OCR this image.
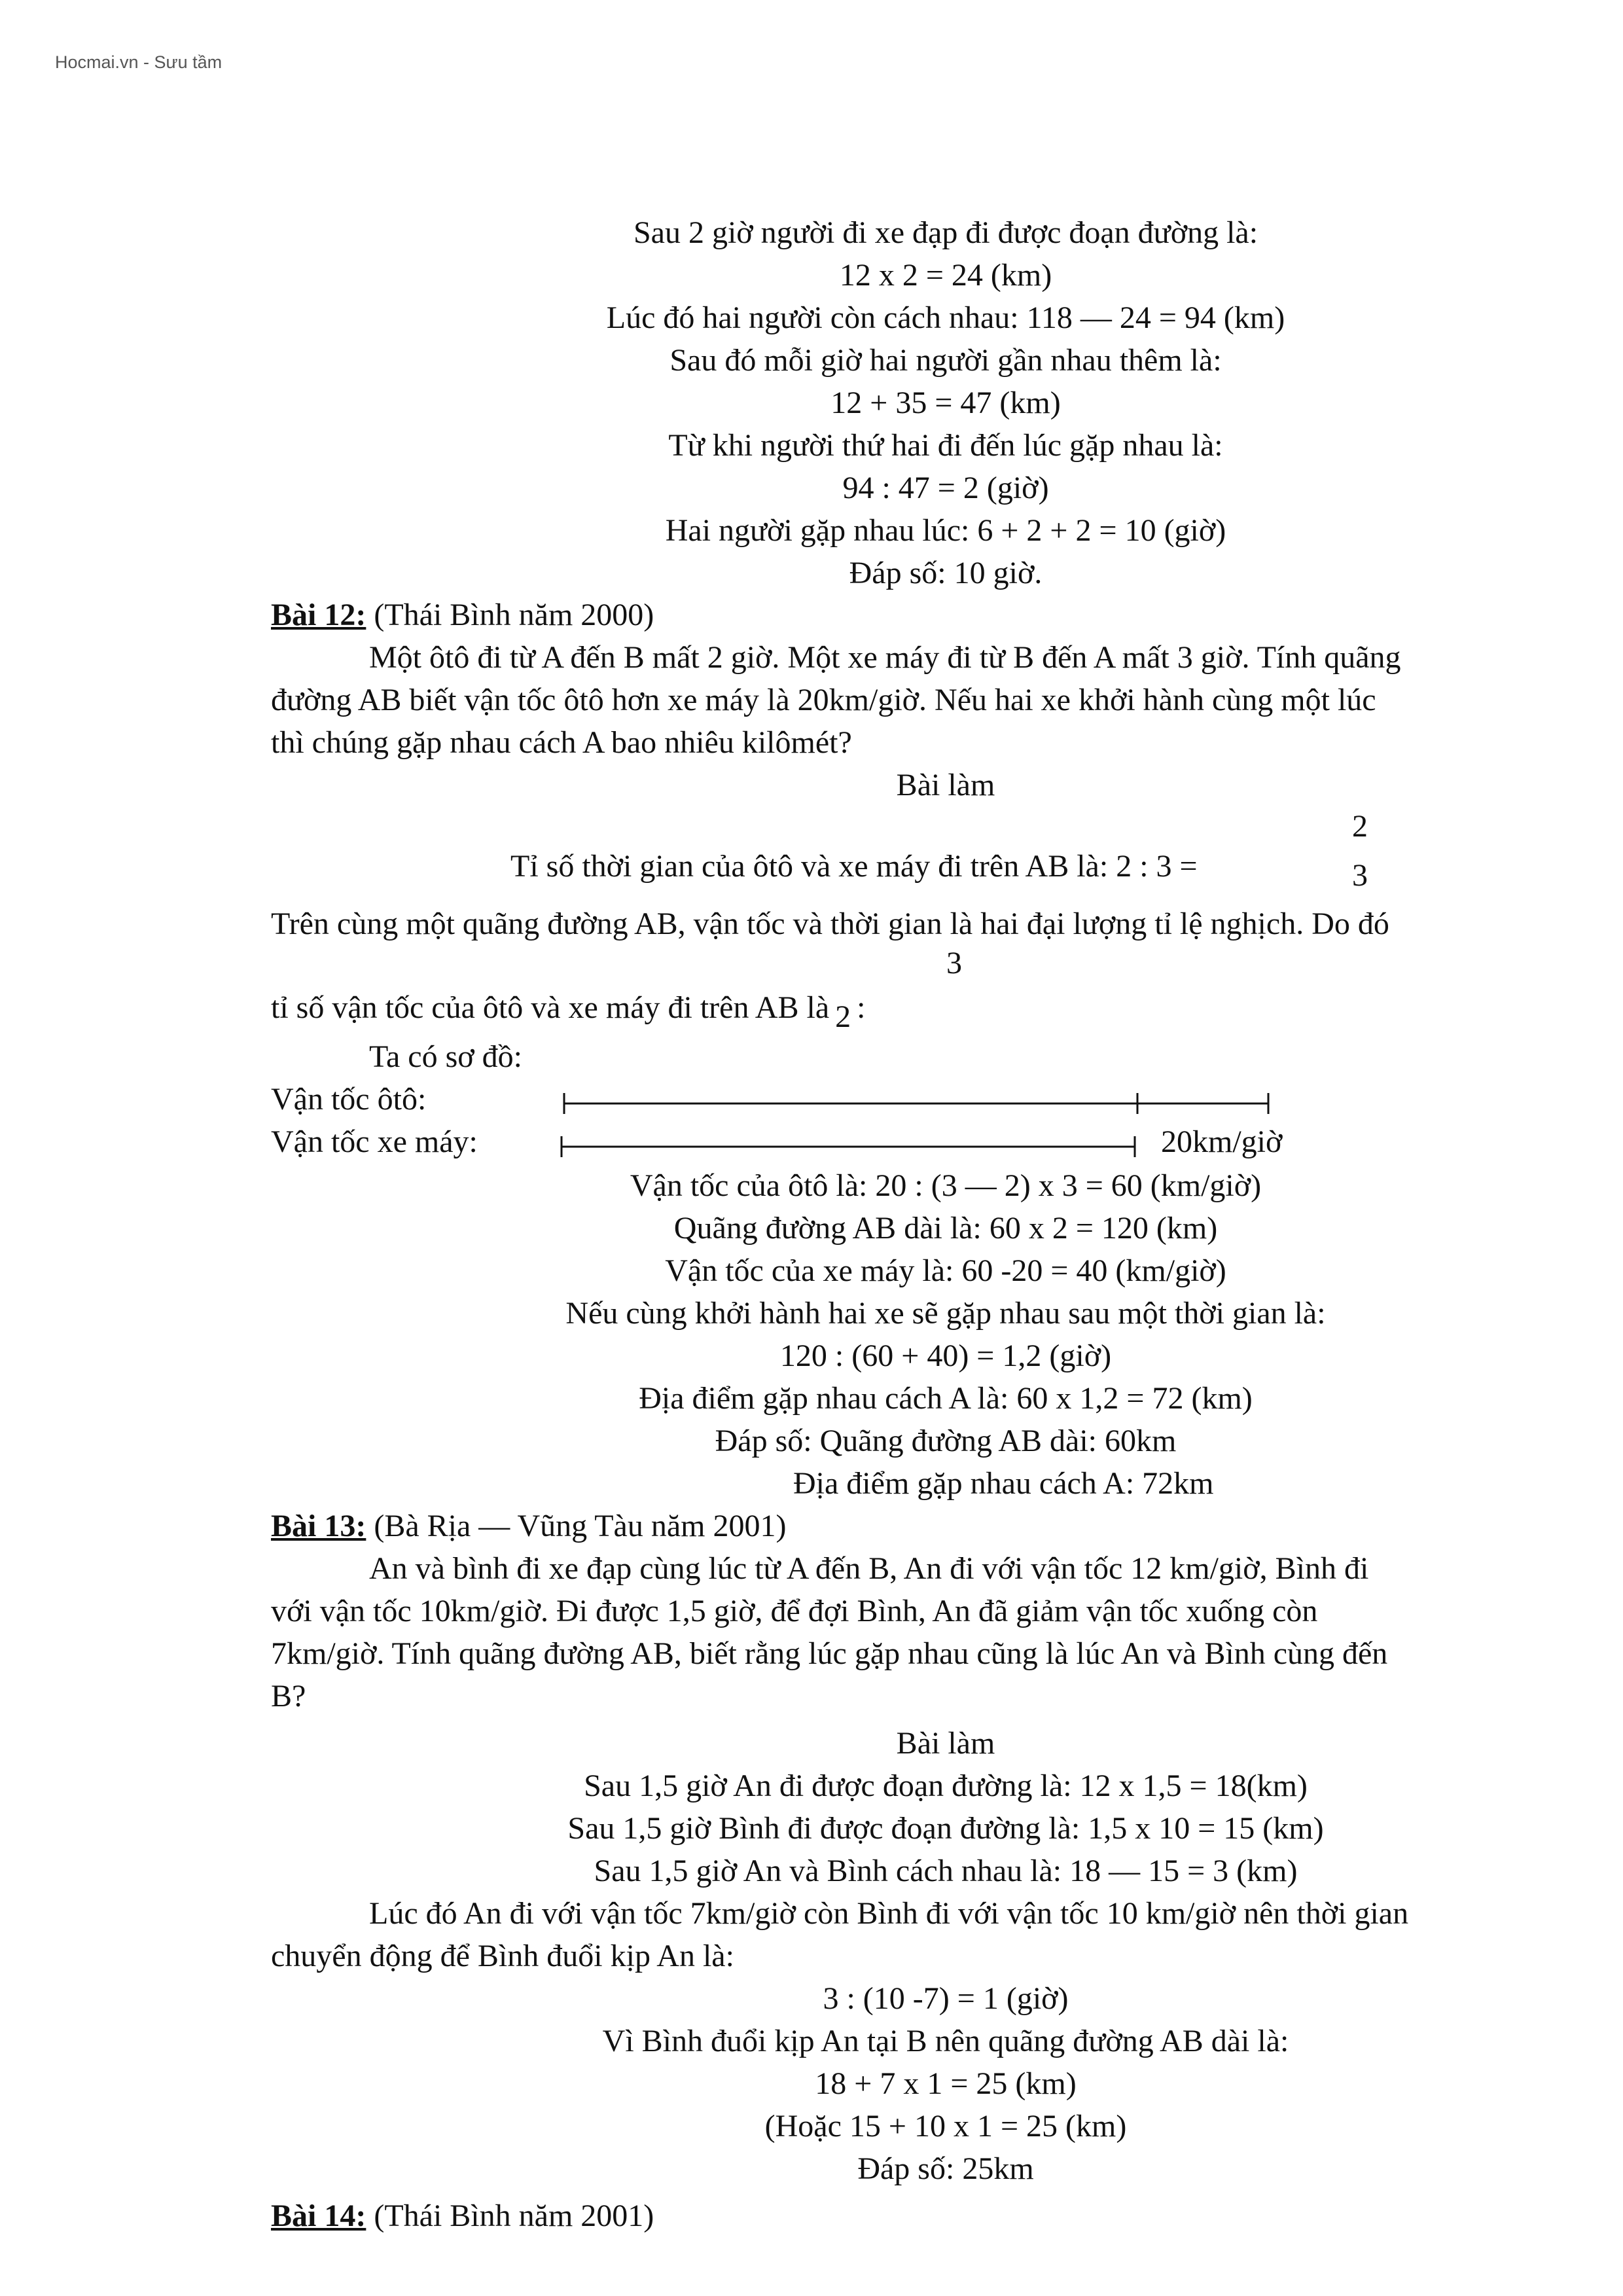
Hocmai.vn - Sưu tầm
Sau 2 giờ người đi xe đạp đi được đoạn đường là:
12 x 2 = 24 (km)
Lúc đó hai người còn cách nhau: 118 — 24 = 94 (km)
Sau đó mỗi giờ hai người gần nhau thêm là:
12 + 35 = 47 (km)
Từ khi người thứ hai đi đến lúc gặp nhau là:
94 : 47 = 2 (giờ)
Hai người gặp nhau lúc: 6 + 2 + 2 = 10 (giờ)
Đáp số: 10 giờ.
Bài 12: (Thái Bình năm 2000)
Một ôtô đi từ A đến B mất 2 giờ. Một xe máy đi từ B đến A mất 3 giờ. Tính quãng
đường AB biết vận tốc ôtô hơn xe máy là 20km/giờ. Nếu hai xe khởi hành cùng một lúc
thì chúng gặp nhau cách A bao nhiêu kilômét?
Bài làm
Tỉ số thời gian của ôtô và xe máy đi trên AB là: 2 : 3 =
2
3
Trên cùng một quãng đường AB, vận tốc và thời gian là hai đại lượng tỉ lệ nghịch. Do đó
3
tỉ số vận tốc của ôtô và xe máy đi trên AB là 2 :
Ta có sơ đồ:
Vận tốc ôtô:
Vận tốc xe máy:	20km/giờ
Vận tốc của ôtô là: 20 : (3 — 2) x 3 = 60 (km/giờ)
Quãng đường AB dài là: 60 x 2 = 120 (km)
Vận tốc của xe máy là: 60 -20 = 40 (km/giờ)
Nếu cùng khởi hành hai xe sẽ gặp nhau sau một thời gian là:
120 : (60 + 40) = 1,2 (giờ)
Địa điểm gặp nhau cách A là: 60 x 1,2 = 72 (km)
Đáp số: Quãng đường AB dài: 60km
Địa điểm gặp nhau cách A: 72km
Bài 13: (Bà Rịa — Vũng Tàu năm 2001)
An và bình đi xe đạp cùng lúc từ A đến B, An đi với vận tốc 12 km/giờ, Bình đi
với vận tốc 10km/giờ. Đi được 1,5 giờ, để đợi Bình, An đã giảm vận tốc xuống còn
7km/giờ. Tính quãng đường AB, biết rằng lúc gặp nhau cũng là lúc An và Bình cùng đến
B?
Bài làm
Sau 1,5 giờ An đi được đoạn đường là: 12 x 1,5 = 18(km)
Sau 1,5 giờ Bình đi được đoạn đường là: 1,5 x 10 = 15 (km)
Sau 1,5 giờ An và Bình cách nhau là: 18 — 15 = 3 (km)
Lúc đó An đi với vận tốc 7km/giờ còn Bình đi với vận tốc 10 km/giờ nên thời gian
chuyển động để Bình đuổi kịp An là:
3 : (10 -7) = 1 (giờ)
Vì Bình đuổi kịp An tại B nên quãng đường AB dài là:
18 + 7 x 1 = 25 (km)
(Hoặc 15 + 10 x 1 = 25 (km)
Đáp số: 25km
Bài 14: (Thái Bình năm 2001)
